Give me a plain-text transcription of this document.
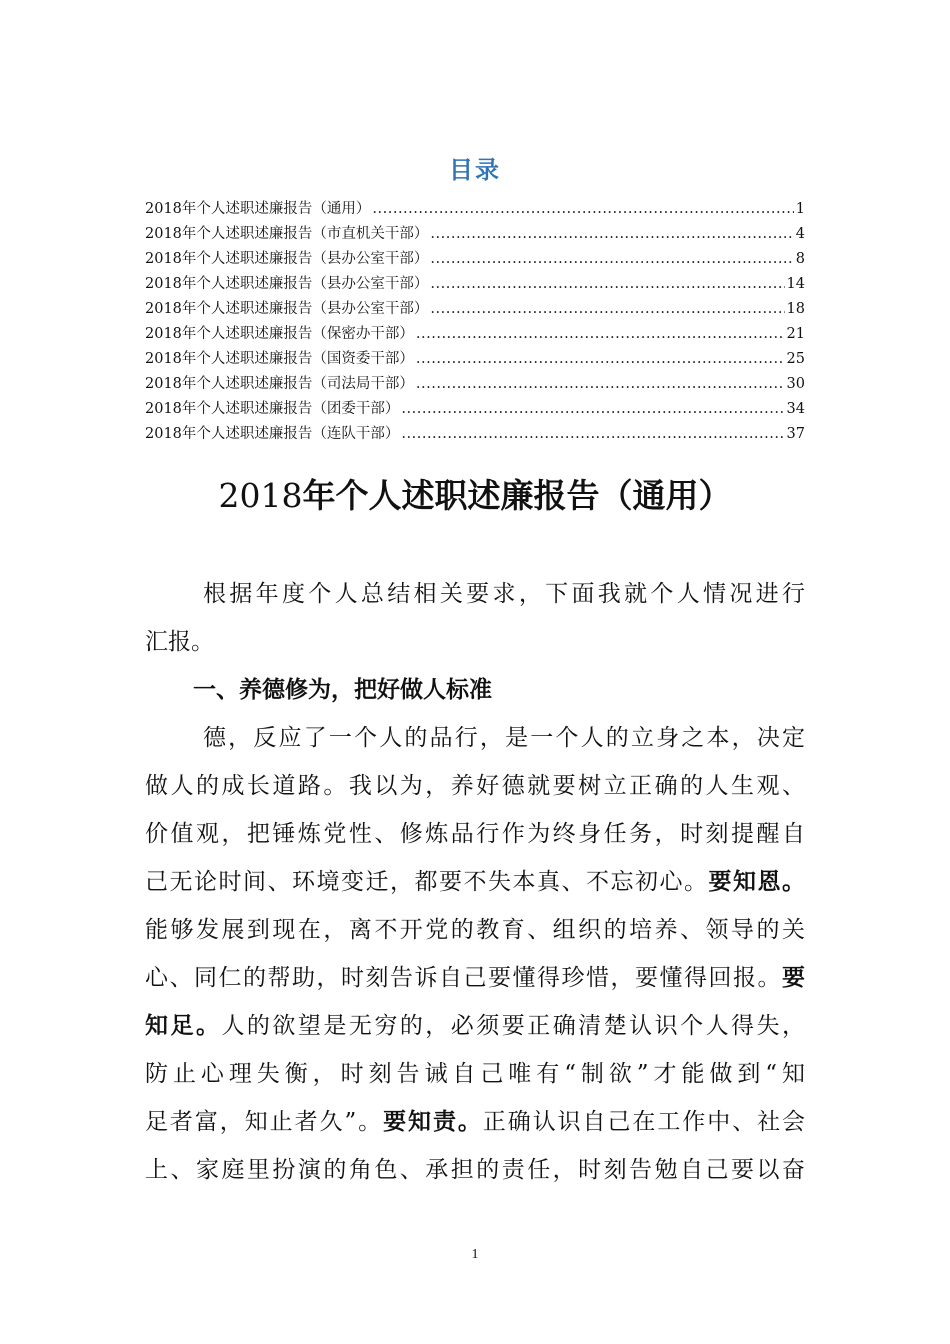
目录
2018年个人述职述廉报告（通用） .....	1
2018年个人述职述廉报告（市直机关干部） .....	4
2018年个人述职述廉报告（县办公室干部） .....	8
2018年个人述职述廉报告（县办公室干部） .....	14
2018年个人述职述廉报告（县办公室干部） .....	18
2018年个人述职述廉报告（保密办干部） .....	21
2018年个人述职述廉报告（国资委干部） .....	25
2018年个人述职述廉报告（司法局干部） .....	30
2018年个人述职述廉报告（团委干部） .....	34
2018年个人述职述廉报告（连队干部） .....	37
2018年个人述职述廉报告（通用）
根据年度个人总结相关要求，下面我就个人情况进行
汇报。
一、养德修为，把好做人标准
德，反应了一个人的品行，是一个人的立身之本，决定
做人的成长道路。我以为，养好德就要树立正确的人生观、
价值观，把锤炼党性、修炼品行作为终身任务，时刻提醒自
己无论时间、环境变迁，都要不失本真、不忘初心。要知恩。
能够发展到现在，离不开党的教育、组织的培养、领导的关
心、同仁的帮助，时刻告诉自己要懂得珍惜，要懂得回报。要
知足。人的欲望是无穷的，必须要正确清楚认识个人得失，
防止心理失衡，时刻告诫自己唯有“制欲”才能做到“知
足者富，知止者久”。要知责。正确认识自己在工作中、社会
上、家庭里扮演的角色、承担的责任，时刻告勉自己要以奋
1
